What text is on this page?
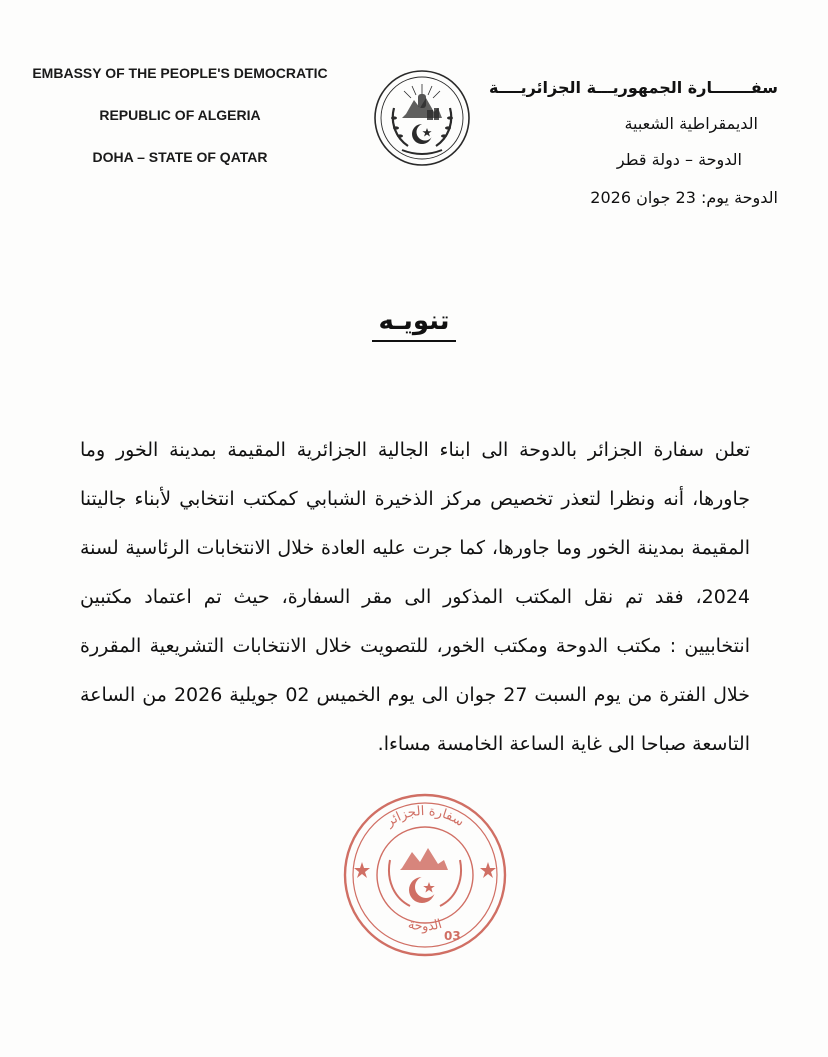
EMBASSY OF THE PEOPLE'S DEMOCRATIC
REPUBLIC OF ALGERIA
DOHA – STATE OF QATAR
سفـــــــارة الجمهوريـــة الجزائريــــة
الديمقراطية الشعبية
الدوحة – دولة قطر
الدوحة يوم: 23 جوان 2026
تنويـه
تعلن سفارة الجزائر بالدوحة الى ابناء الجالية الجزائرية المقيمة بمدينة الخور وما جاورها، أنه ونظرا لتعذر تخصيص مركز الذخيرة الشبابي كمكتب انتخابي لأبناء جاليتنا المقيمة بمدينة الخور وما جاورها، كما جرت عليه العادة خلال الانتخابات الرئاسية لسنة 2024، فقد تم نقل المكتب المذكور الى مقر السفارة، حيث تم اعتماد مكتبين انتخابيين : مكتب الدوحة ومكتب الخور، للتصويت خلال الانتخابات التشريعية المقررة خلال الفترة من يوم السبت 27 جوان الى يوم الخميس 02 جويلية 2026 من الساعة التاسعة صباحا الى غاية الساعة الخامسة مساءا.
سفارة الجزائر
الدوحة
03
